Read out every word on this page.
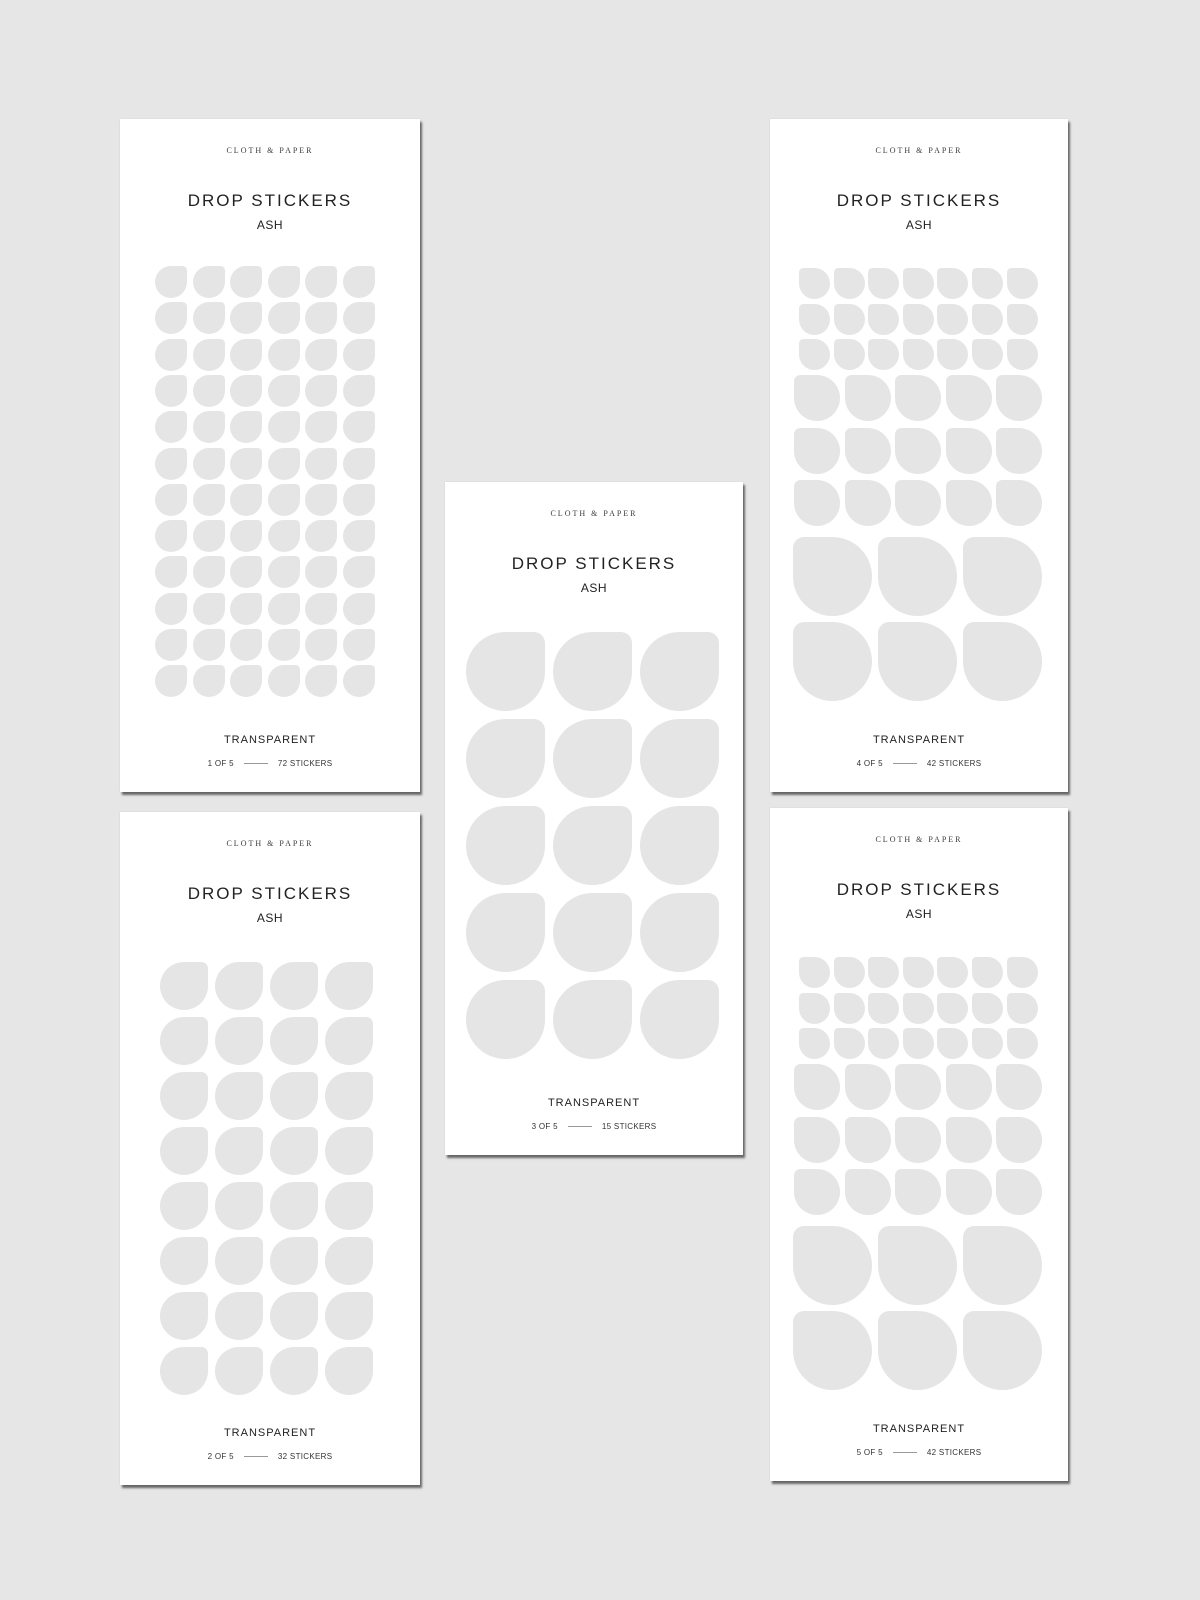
CLOTH & PAPER
DROP STICKERS
ASH
TRANSPARENT
1 OF 5	72 STICKERS
CLOTH & PAPER
DROP STICKERS
ASH
TRANSPARENT
2 OF 5	32 STICKERS
CLOTH & PAPER
DROP STICKERS
ASH
TRANSPARENT
3 OF 5	15 STICKERS
CLOTH & PAPER
DROP STICKERS
ASH
TRANSPARENT
4 OF 5	42 STICKERS
CLOTH & PAPER
DROP STICKERS
ASH
TRANSPARENT
5 OF 5	42 STICKERS
